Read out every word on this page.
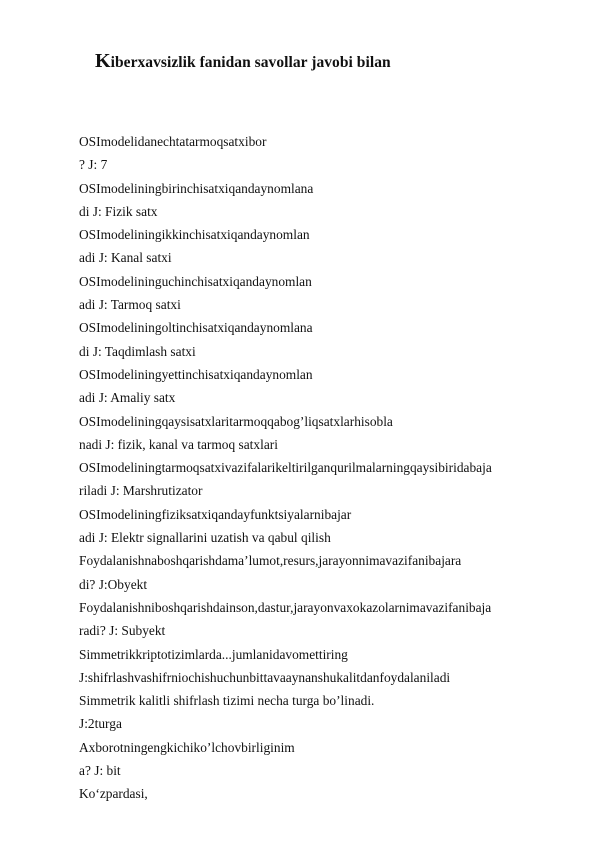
Kiberxavsizlik fanidan savollar javobi bilan
OSImodelidanechtatarmoqsatxibor
? J: 7
OSImodeliningbirinchisatxiqandaynomlana
di J: Fizik satx
OSImodeliningikkinchisatxiqandaynomlan
adi J: Kanal satxi
OSImodelininguchinchisatxiqandaynomlan
adi J: Tarmoq satxi
OSImodeliningoltinchisatxiqandaynomlana
di J: Taqdimlash satxi
OSImodeliningyettinchisatxiqandaynomlan
adi J: Amaliy satx
OSImodeliningqaysisatxlaritarmoqqabog’liqsatxlarhisobla
nadi J: fizik, kanal va tarmoq satxlari
OSImodeliningtarmoqsatxivazifalarikeltirilganqurilmalarningqaysibiridabaja
riladi J: Marshrutizator
OSImodeliningfiziksatxiqandayfunktsiyalarnibajar
adi J: Elektr signallarini uzatish va qabul qilish
Foydalanishnaboshqarishdama’lumot,resurs,jarayonnimavazifanibajara
di? J:Obyekt
Foydalanishniboshqarishdainson,dastur,jarayonvaxokazolarnimavazifanibaja
radi? J: Subyekt
Simmetrikkriptotizimlarda...jumlanidavomettiring
J:shifrlashvashifrniochishuchunbittavaaynanshukalitdanfoydalaniladi
Simmetrik kalitli shifrlash tizimi necha turga bo’linadi.
J:2turga
Axborotningengkichiko’lchovbirliginim
a? J: bit
Ko‘zpardasi,
